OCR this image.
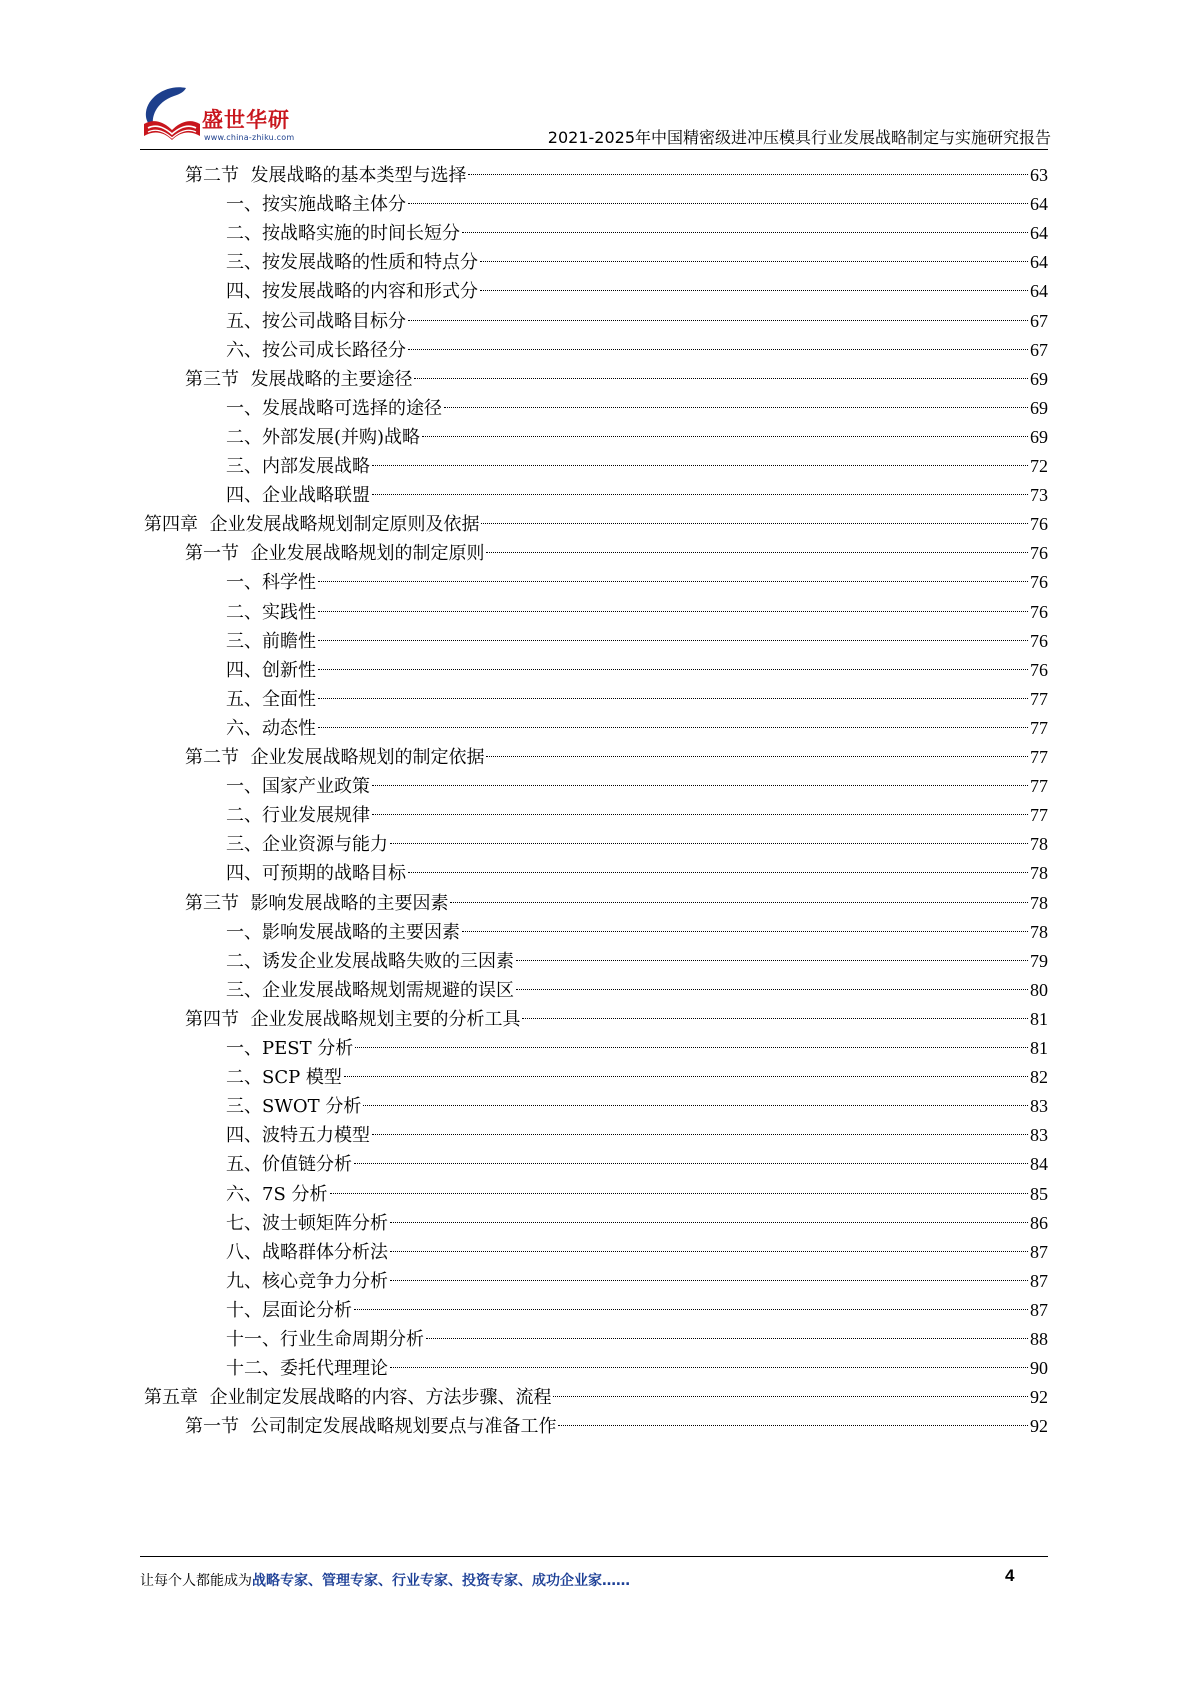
盛世华研
www.china-zhiku.com	2021-2025年中国精密级进冲压模具行业发展战略制定与实施研究报告
第二节  发展战略的基本类型与选择	63
一、按实施战略主体分	64
二、按战略实施的时间长短分	64
三、按发展战略的性质和特点分	64
四、按发展战略的内容和形式分	64
五、按公司战略目标分	67
六、按公司成长路径分	67
第三节  发展战略的主要途径	69
一、发展战略可选择的途径	69
二、外部发展(并购)战略	69
三、内部发展战略	72
四、企业战略联盟	73
第四章  企业发展战略规划制定原则及依据	76
第一节  企业发展战略规划的制定原则	76
一、科学性	76
二、实践性	76
三、前瞻性	76
四、创新性	76
五、全面性	77
六、动态性	77
第二节  企业发展战略规划的制定依据	77
一、国家产业政策	77
二、行业发展规律	77
三、企业资源与能力	78
四、可预期的战略目标	78
第三节  影响发展战略的主要因素	78
一、影响发展战略的主要因素	78
二、诱发企业发展战略失败的三因素	79
三、企业发展战略规划需规避的误区	80
第四节  企业发展战略规划主要的分析工具	81
一、PEST 分析	81
二、SCP 模型	82
三、SWOT 分析	83
四、波特五力模型	83
五、价值链分析	84
六、7S 分析	85
七、波士顿矩阵分析	86
八、战略群体分析法	87
九、核心竞争力分析	87
十、层面论分析	87
十一、行业生命周期分析	88
十二、委托代理理论	90
第五章  企业制定发展战略的内容、方法步骤、流程	92
第一节  公司制定发展战略规划要点与准备工作	92
让每个人都能成为战略专家、管理专家、行业专家、投资专家、成功企业家……	4
